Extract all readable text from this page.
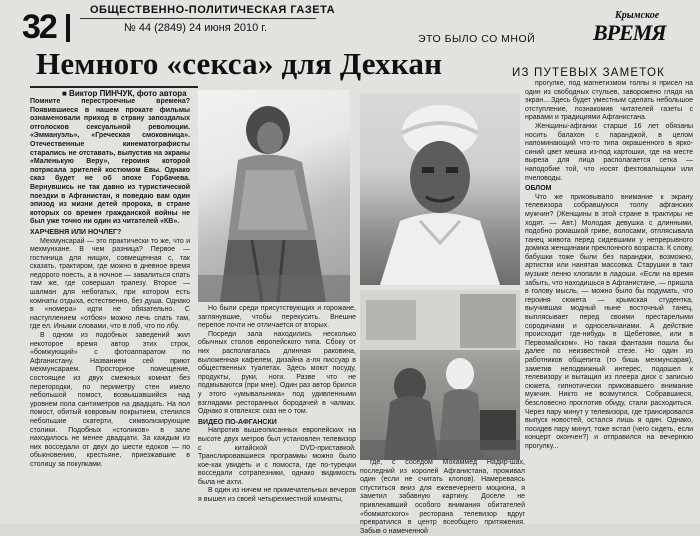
32	ОБЩЕСТВЕННО-ПОЛИТИЧЕСКАЯ ГАЗЕТА
№ 44 (2849) 24 июня 2010 г.
ЭТО БЫЛО СО МНОЙ
Крымское
ВРЕМЯ
Немного «секса» для Дехкан	ИЗ ПУТЕВЫХ ЗАМЕТОК
■ Виктор ПИНЧУК, фото автора

Помните перестроечные времена? Появившиеся в нашем прокате фильмы ознаменовали приход в страну запоздалых отголосков сексуальной революции. «Эммануэль», «Греческая смоковница». Отечественные кинематографисты старались не отставать, выпустив на экраны «Маленькую Веру», героиня которой потрясала зрителей костюмом Евы. Однако сказ будет не об эпохе Горбачева. Вернувшись не так давно из туристической поездки в Афганистан, я поведаю вам один эпизод из жизни детей пророка, в стране которых со времен гражданской войны не был уже точно ни один из читателей «КВ».

ХАРЧЕВНЯ ИЛИ НОЧЛЕГ?

Мехмунсарай — это практически то же, что и мехмунхане. В чем разница? Первое — гостиница для нищих, совмещенная с, так сказать, трактиром, где можно в дневное время недорого поесть, а в ночное — завалиться спать там же, где совершал трапезу. Второе — шалман для небогатых, при котором есть комнаты отдыха, естественно, без душа. Однако в «номера» идти не обязательно. С наступлением «отбоя» можно лечь спать там, где ел. Иными словами, что в лоб, что по лбу.

В одном из подобных заведений жил некоторое время автор этих строк, «бомжующий» с фотоаппаратом по Афганистану. Названием сей приют мехмунсараем. Просторное помещение, состоящее из двух смежных комнат без перегородки, по периметру стен имело небольшой помост, возвышавшийся над уровнем пола сантиметров на двадцать. На пол помост, обитый ковровым покрытием, стелился небольшие скатерти, символизирующие столики. Подобных «столиков» в зале находилось не менее двадцати. За каждым из них восседали от двух до шести едоков — по обыкновению, крестьяне, приезжавшие в столицу за покупками.

Но были среди присутствующих и горожане, заглянувшие, чтобы перекусить. Внешне перепое почти не отличается от вторых.

Посреди зала находились несколько обычных столов европейского типа. Сбоку от них располагалась длинная раковина, выложенная кафелем, дизайна а-ля писсуар в общественных туалетах. Здесь моют посуду, продукты, руки, ноги. Разве что не подмываются (при мне). Один раз автор брился у этого «умывальника» под удивленными взглядами ресторанных бородачей в чалмах. Однако я отвлекся: сказ не о том.

ВИДЕО ПО-АФГАНСКИ

Напротив вышеописанных европейских на высоте двух метров был установлен телевизор с китайской DVD-приставкой. Транслировавшиеся программы можно было кое-как увидеть и с помоста, где по-турецки восседали сотрапезники, однако видимость была не ахти.

В один из ничем не примечательных вечеров я вышел из своей четырехместной комнаты,

где, с соседом Мохаммед Надир-шах, последний из королей Афганистана, проживал один (если не считать клопов). Намереваясь спуститься вниз для ежевечернего моциона, я заметил забавную картину. Доселе не привлекавший особого внимания обитателей «бомжатского» ресторана телевизор вдруг превратился в центр всеобщего притяжения. Забыв о намеченной

прогулке, под магнетизмом толпы я присел на один из свободных стульев, заворожено глядя на экран....Здесь будет уместным сделать небольшое отступление, познакомив читателей газеты с нравами и традициями Афганистана.

Женщины-афганки старше 16 лет обязаны носить балахон с паранджой, в целом напоминающий что-то типа окрашенного в ярко-синий цвет мешка из-под картошки, где на месте выреза для лица располагается сетка — наподобие той, что носят фехтовальщики или пчеловоды.

ОБЛОМ

Что же приковывало внимание к экрану телевизора собравшуюся толпу афганских мужчин? (Женщины в этой стране в трактиры не ходят. — Авт.) Молодая девушка с длинными, подобно ромашкой гриве, волосами, отплясывала танец живота перед сидевшими у непрерывного домика женщинами преклонного возраста. К слову, бабушки тоже были без паранджи, возможно, артистки или нанятая массовка. Старушки в такт музыке ленно хлопали в ладоши. «Если на время забыть, что находишься в Афганистане, — пришла в голову мысль, — можно было бы подумать, что героиня сюжета — крымская студентка, выучившая модный ныне восточный танец, выплясывает перед своими престарелыми сородичами и односельчанами. А действие происходит где-нибудь в Щебетовке, или в Первомайском». Но такая фантазия пошла бы далее по неизвестной стезе. Но один из работников общепита (то бишь мехмунсарая), заметив неподвижный интерес, подошел к телевизору и вытащил из плеера диск с записью сюжета, гипнотически приковавшего внимание мужчин. Никто не возмутился. Собравшиеся, безсловесно проглотив обиду, стали расходиться. Через пару минут у телевизора, где трансировался выпуск новостей, остался лишь я один. Однако, посидев пару минут, тоже встал (чего сидеть, если концерт окончен?) и отправился на вечернюю прогулку...
